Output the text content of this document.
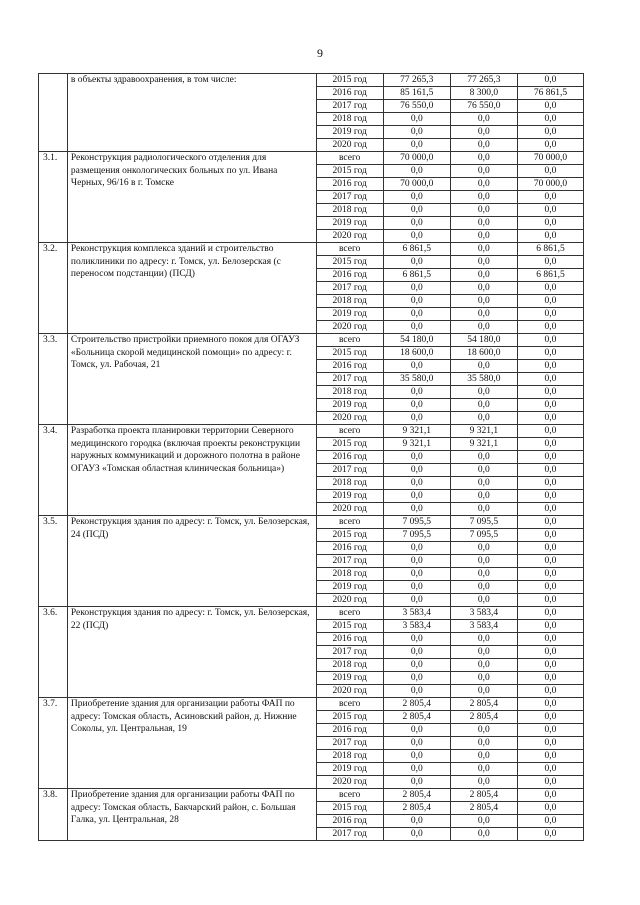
9
	в объекты здравоохранения, в том числе:	2015 год	77 265,3	77 265,3	0,0
		2016 год	85 161,5	8 300,0	76 861,5
		2017 год	76 550,0	76 550,0	0,0
		2018 год	0,0	0,0	0,0
		2019 год	0,0	0,0	0,0
		2020 год	0,0	0,0	0,0
3.1.	Реконструкция радиологического отделения для размещения онкологических больных по ул. Ивана Черных, 96/16 в г. Томске	всего	70 000,0	0,0	70 000,0
		2015 год	0,0	0,0	0,0
		2016 год	70 000,0	0,0	70 000,0
		2017 год	0,0	0,0	0,0
		2018 год	0,0	0,0	0,0
		2019 год	0,0	0,0	0,0
		2020 год	0,0	0,0	0,0
3.2.	Реконструкция комплекса зданий и строительство поликлиники по адресу: г. Томск, ул. Белозерская (с переносом подстанции) (ПСД)	всего	6 861,5	0,0	6 861,5
		2015 год	0,0	0,0	0,0
		2016 год	6 861,5	0,0	6 861,5
		2017 год	0,0	0,0	0,0
		2018 год	0,0	0,0	0,0
		2019 год	0,0	0,0	0,0
		2020 год	0,0	0,0	0,0
3.3.	Строительство пристройки приемного покоя для ОГАУЗ «Больница скорой медицинской помощи» по адресу: г. Томск, ул. Рабочая, 21	всего	54 180,0	54 180,0	0,0
		2015 год	18 600,0	18 600,0	0,0
		2016 год	0,0	0,0	0,0
		2017 год	35 580,0	35 580,0	0,0
		2018 год	0,0	0,0	0,0
		2019 год	0,0	0,0	0,0
		2020 год	0,0	0,0	0,0
3.4.	Разработка проекта планировки территории Северного медицинского городка (включая проекты реконструкции наружных коммуникаций и дорожного полотна в районе ОГАУЗ «Томская областная клиническая больница»)	всего	9 321,1	9 321,1	0,0
		2015 год	9 321,1	9 321,1	0,0
		2016 год	0,0	0,0	0,0
		2017 год	0,0	0,0	0,0
		2018 год	0,0	0,0	0,0
		2019 год	0,0	0,0	0,0
		2020 год	0,0	0,0	0,0
3.5.	Реконструкция здания по адресу: г. Томск, ул. Белозерская, 24 (ПСД)	всего	7 095,5	7 095,5	0,0
		2015 год	7 095,5	7 095,5	0,0
		2016 год	0,0	0,0	0,0
		2017 год	0,0	0,0	0,0
		2018 год	0,0	0,0	0,0
		2019 год	0,0	0,0	0,0
		2020 год	0,0	0,0	0,0
3.6.	Реконструкция здания по адресу: г. Томск, ул. Белозерская, 22 (ПСД)	всего	3 583,4	3 583,4	0,0
		2015 год	3 583,4	3 583,4	0,0
		2016 год	0,0	0,0	0,0
		2017 год	0,0	0,0	0,0
		2018 год	0,0	0,0	0,0
		2019 год	0,0	0,0	0,0
		2020 год	0,0	0,0	0,0
3.7.	Приобретение здания для организации работы ФАП по адресу: Томская область, Асиновский район, д. Нижние Соколы, ул. Центральная, 19	всего	2 805,4	2 805,4	0,0
		2015 год	2 805,4	2 805,4	0,0
		2016 год	0,0	0,0	0,0
		2017 год	0,0	0,0	0,0
		2018 год	0,0	0,0	0,0
		2019 год	0,0	0,0	0,0
		2020 год	0,0	0,0	0,0
3.8.	Приобретение здания для организации работы ФАП по адресу: Томская область, Бакчарский район, с. Большая Галка, ул. Центральная, 28	всего	2 805,4	2 805,4	0,0
		2015 год	2 805,4	2 805,4	0,0
		2016 год	0,0	0,0	0,0
		2017 год	0,0	0,0	0,0
